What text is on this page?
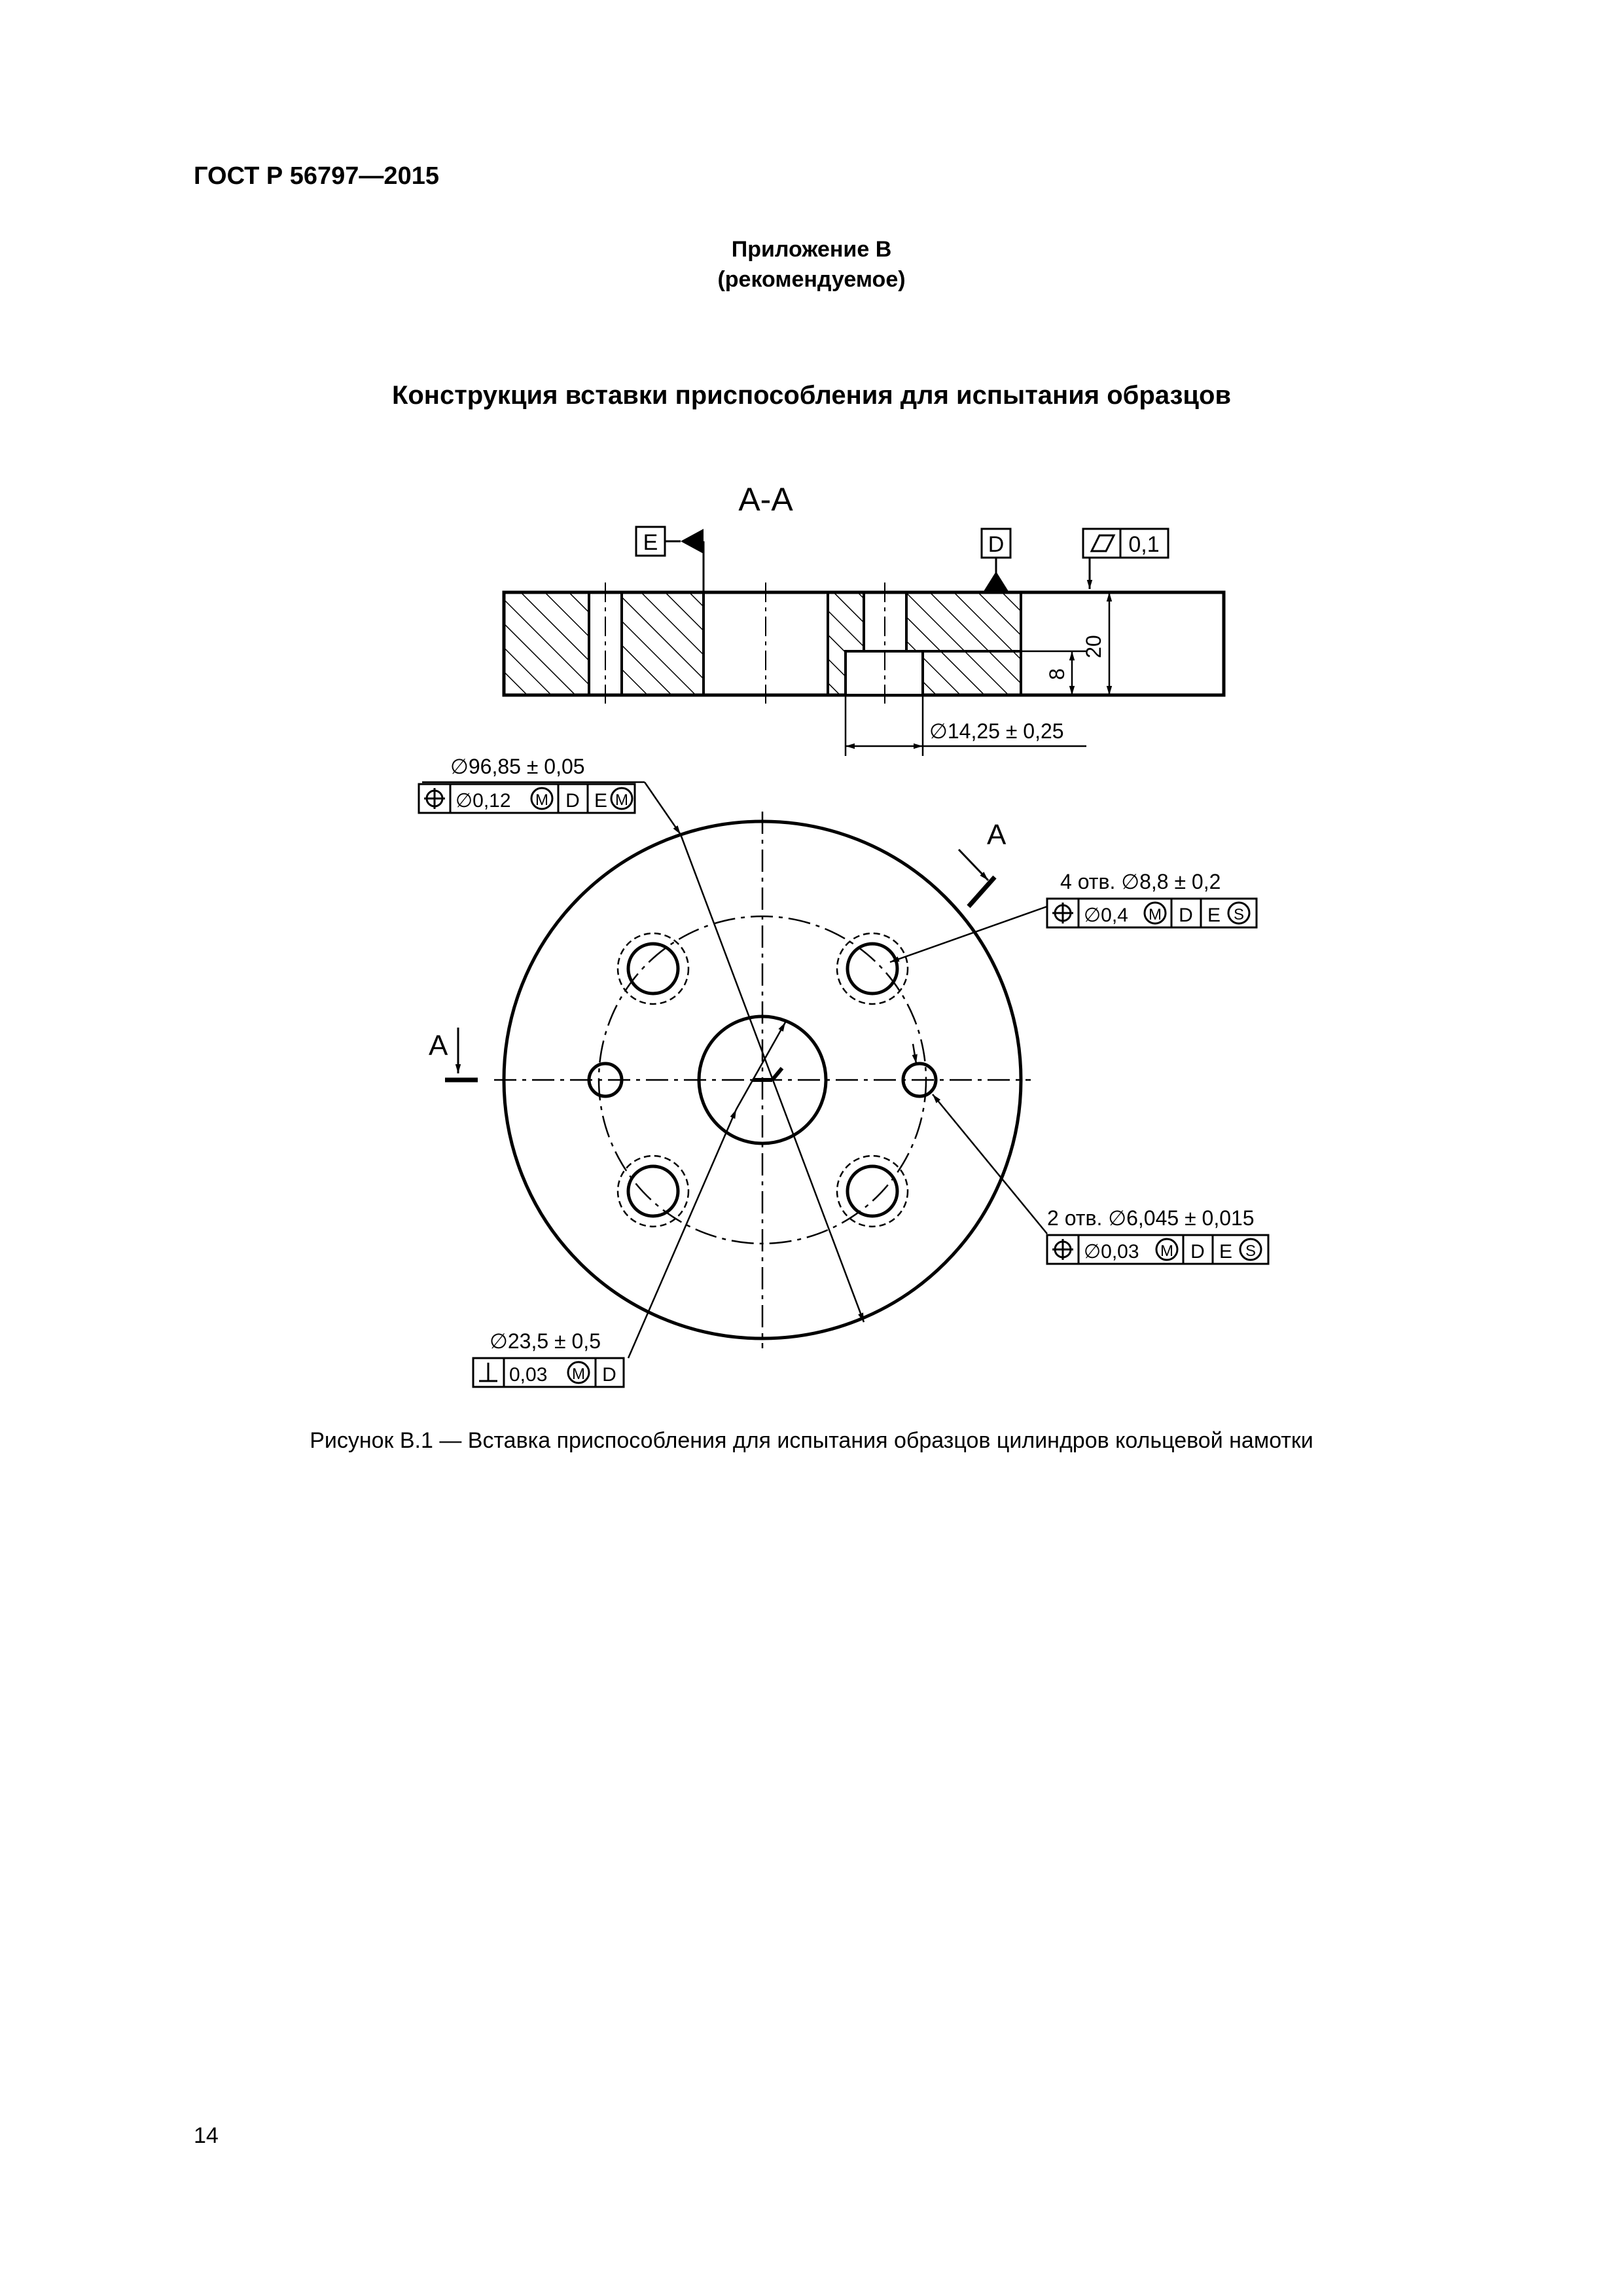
ГОСТ Р 56797—2015
Приложение В
(рекомендуемое)
Конструкция вставки приспособления для испытания образцов
А-А
E	D	0,1
20
8
∅14,25 ± 0,25
∅96,85 ± 0,05
∅0,12 M D E M
А
А
4 отв. ∅8,8 ± 0,2
∅0,4 M D E S
2 отв. ∅6,045 ± 0,015
∅0,03 M D E S
∅23,5 ± 0,5
0,03 M D
Рисунок В.1 — Вставка приспособления для испытания образцов цилиндров кольцевой намотки
14
